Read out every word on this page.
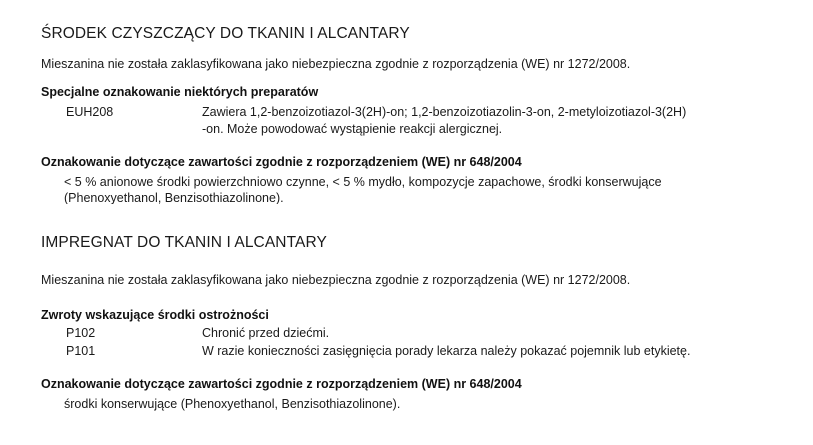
ŚRODEK CZYSZCZĄCY DO TKANIN I ALCANTARY
Mieszanina nie została zaklasyfikowana jako niebezpieczna zgodnie z rozporządzenia (WE) nr 1272/2008.
Specjalne oznakowanie niektórych preparatów
EUH208	Zawiera 1,2-benzoizotiazol-3(2H)-on; 1,2-benzoizotiazolin-3-on, 2-metyloizotiazol-3(2H)
-on. Może powodować wystąpienie reakcji alergicznej.
Oznakowanie dotyczące zawartości zgodnie z rozporządzeniem (WE) nr 648/2004
< 5 % anionowe środki powierzchniowo czynne, < 5 % mydło, kompozycje zapachowe, środki konserwujące
(Phenoxyethanol, Benzisothiazolinone).
IMPREGNAT DO TKANIN I ALCANTARY
Mieszanina nie została zaklasyfikowana jako niebezpieczna zgodnie z rozporządzenia (WE) nr 1272/2008.
Zwroty wskazujące środki ostrożności
P102	Chronić przed dziećmi.
P101	W razie konieczności zasięgnięcia porady lekarza należy pokazać pojemnik lub etykietę.
Oznakowanie dotyczące zawartości zgodnie z rozporządzeniem (WE) nr 648/2004
środki konserwujące (Phenoxyethanol, Benzisothiazolinone).
